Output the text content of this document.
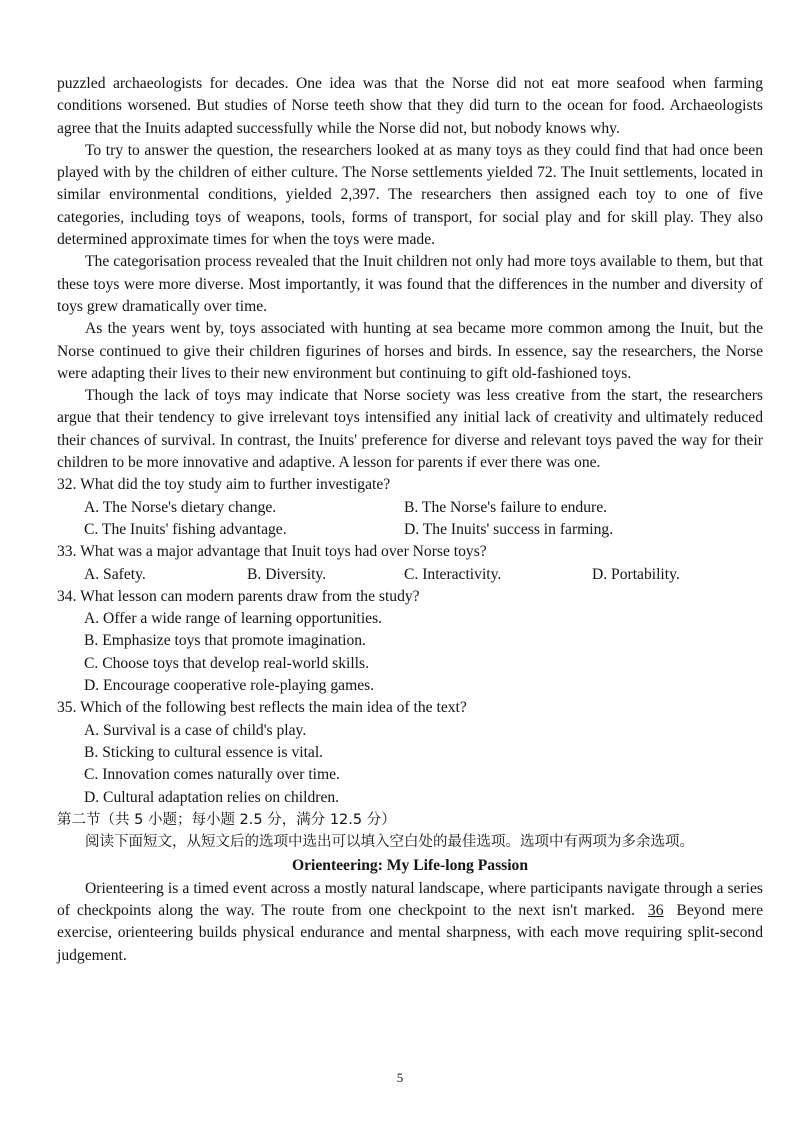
puzzled archaeologists for decades. One idea was that the Norse did not eat more seafood when farming conditions worsened. But studies of Norse teeth show that they did turn to the ocean for food. Archaeologists agree that the Inuits adapted successfully while the Norse did not, but nobody knows why.

To try to answer the question, the researchers looked at as many toys as they could find that had once been played with by the children of either culture. The Norse settlements yielded 72. The Inuit settlements, located in similar environmental conditions, yielded 2,397. The researchers then assigned each toy to one of five categories, including toys of weapons, tools, forms of transport, for social play and for skill play. They also determined approximate times for when the toys were made.

The categorisation process revealed that the Inuit children not only had more toys available to them, but that these toys were more diverse. Most importantly, it was found that the differences in the number and diversity of toys grew dramatically over time.

As the years went by, toys associated with hunting at sea became more common among the Inuit, but the Norse continued to give their children figurines of horses and birds. In essence, say the researchers, the Norse were adapting their lives to their new environment but continuing to gift old-fashioned toys.

Though the lack of toys may indicate that Norse society was less creative from the start, the researchers argue that their tendency to give irrelevant toys intensified any initial lack of creativity and ultimately reduced their chances of survival. In contrast, the Inuits' preference for diverse and relevant toys paved the way for their children to be more innovative and adaptive. A lesson for parents if ever there was one.

32. What did the toy study aim to further investigate?

A. The Norse's dietary change.	B. The Norse's failure to endure.
C. The Inuits' fishing advantage.	D. The Inuits' success in farming.

33. What was a major advantage that Inuit toys had over Norse toys?

A. Safety.	B. Diversity.	C. Interactivity.	D. Portability.

34. What lesson can modern parents draw from the study?

A. Offer a wide range of learning opportunities.

B. Emphasize toys that promote imagination.

C. Choose toys that develop real-world skills.

D. Encourage cooperative role-playing games.

35. Which of the following best reflects the main idea of the text?

A. Survival is a case of child's play.

B. Sticking to cultural essence is vital.

C. Innovation comes naturally over time.

D. Cultural adaptation relies on children.

第二节（共 5 小题；每小题 2.5 分，满分 12.5 分）

阅读下面短文，从短文后的选项中选出可以填入空白处的最佳选项。选项中有两项为多余选项。

Orienteering: My Life-long Passion

Orienteering is a timed event across a mostly natural landscape, where participants navigate through a series of checkpoints along the way. The route from one checkpoint to the next isn't marked. 36 Beyond mere exercise, orienteering builds physical endurance and mental sharpness, with each move requiring split-second judgement.

5
